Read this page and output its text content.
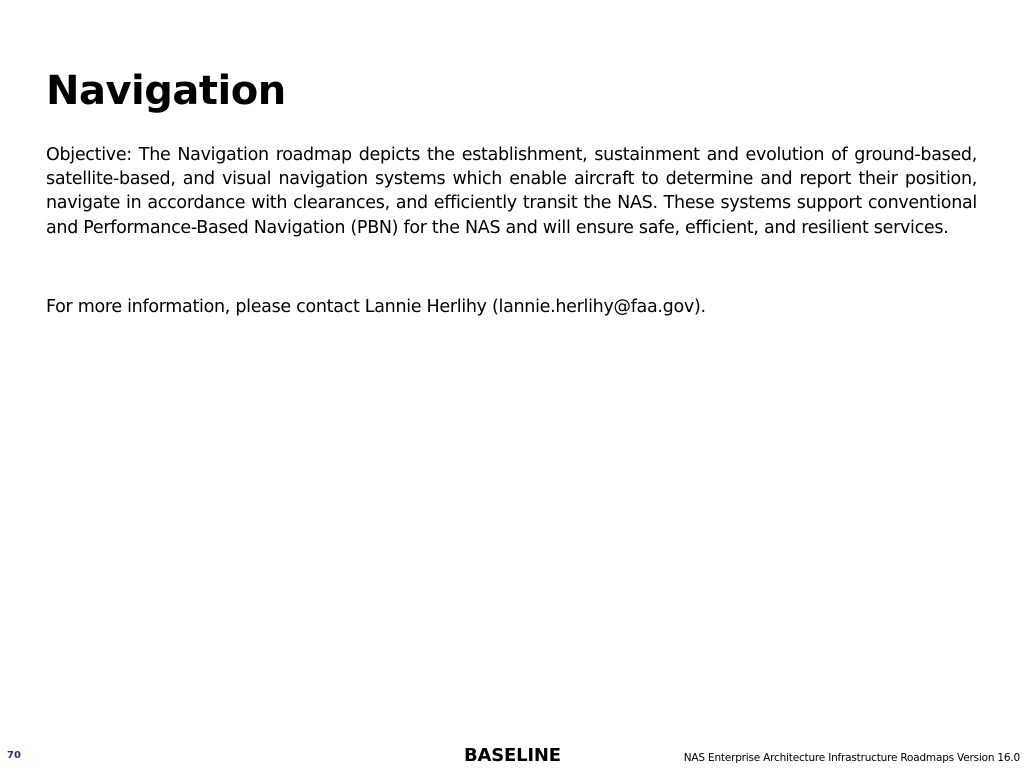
Navigation

Objective: The Navigation roadmap depicts the establishment, sustainment and evolution of ground-based, satellite-based, and visual navigation systems which enable aircraft to determine and report their position, navigate in accordance with clearances, and efficiently transit the NAS. These systems support conventional and Performance-Based Navigation (PBN) for the NAS and will ensure safe, efficient, and resilient services.

For more information, please contact Lannie Herlihy (lannie.herlihy@faa.gov).

70	BASELINE	NAS Enterprise Architecture Infrastructure Roadmaps Version 16.0
